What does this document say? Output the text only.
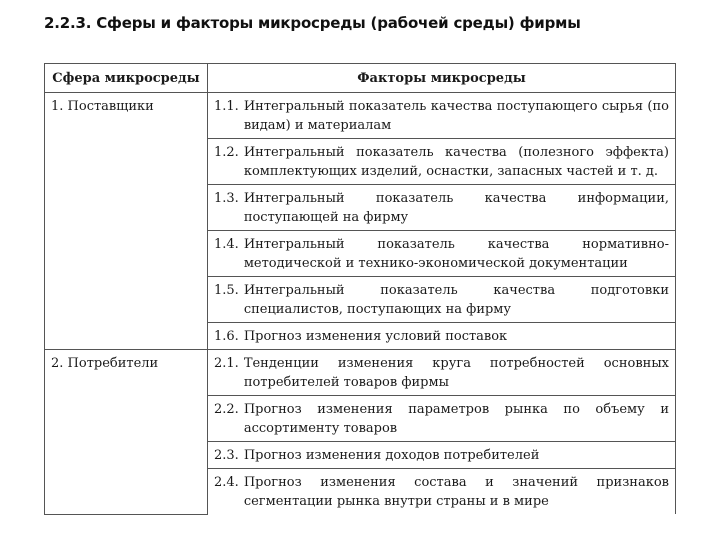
2.2.3. Сферы и факторы микросреды (рабочей среды) фирмы
Сфера микросреды	Факторы микросреды
1. Поставщики	1.1. Интегральный показатель качества поступающего сырья (по видам) и материалам

	1.2. Интегральный показатель качества (полезного эффекта) комплектующих изделий, оснастки, запасных частей и т. д.

	1.3. Интегральный показатель качества информации, поступающей на фирму

	1.4. Интегральный показатель качества нормативно-методической и технико-экономической документации

	1.5. Интегральный показатель качества подготовки специалистов, поступающих на фирму

	1.6. Прогноз изменения условий поставок

2. Потребители	2.1. Тенденции изменения круга потребностей основных потребителей товаров фирмы

	2.2. Прогноз изменения параметров рынка по объему и ассортименту товаров

	2.3. Прогноз изменения доходов потребителей

	2.4. Прогноз изменения состава и значений признаков сегментации рынка внутри страны и в мире
